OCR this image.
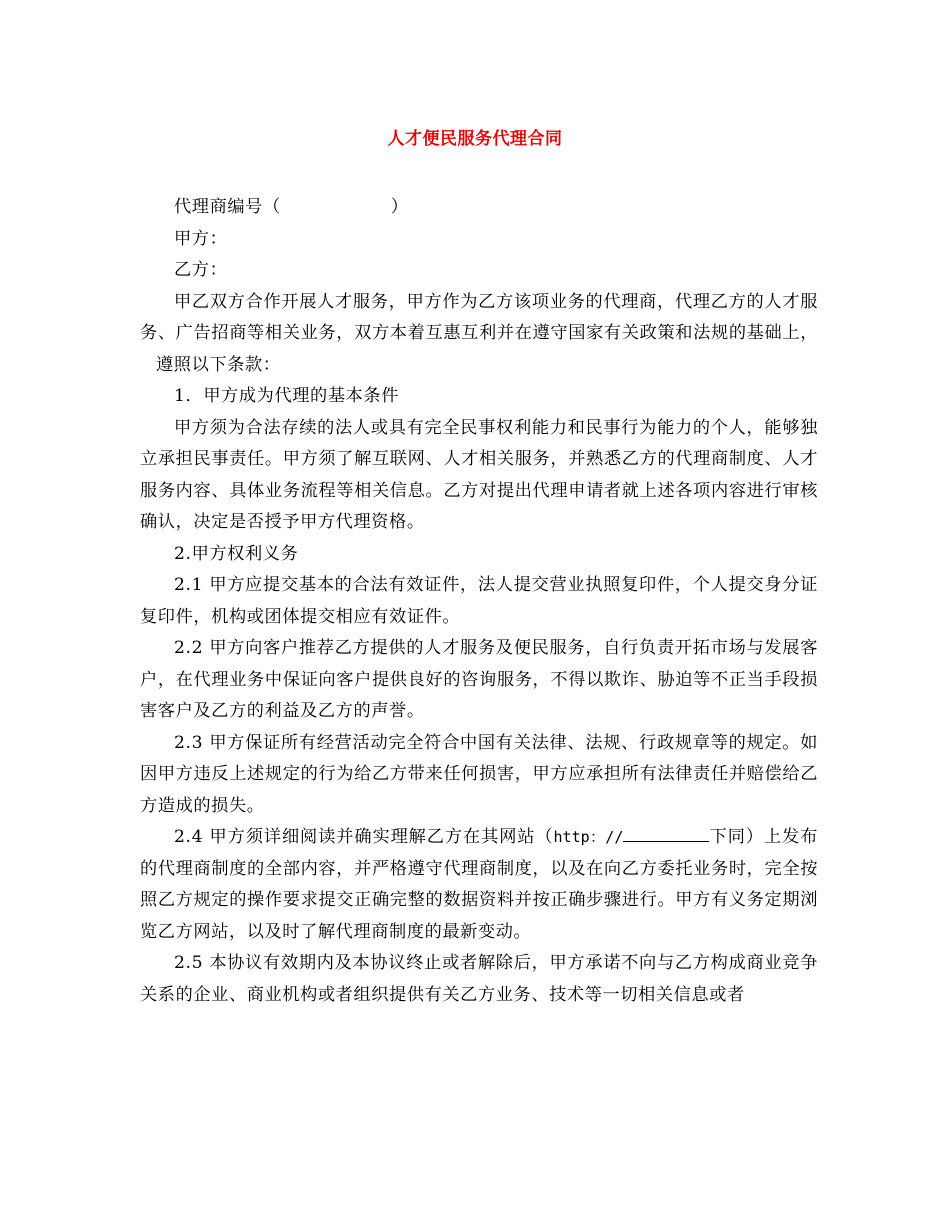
人才便民服务代理合同

代理商编号（	）

甲方：

乙方：

甲乙双方合作开展人才服务，甲方作为乙方该项业务的代理商，代理乙方的人才服务、广告招商等相关业务，双方本着互惠互利并在遵守国家有关政策和法规的基础上，遵照以下条款：

1．甲方成为代理的基本条件

甲方须为合法存续的法人或具有完全民事权利能力和民事行为能力的个人，能够独立承担民事责任。甲方须了解互联网、人才相关服务，并熟悉乙方的代理商制度、人才服务内容、具体业务流程等相关信息。乙方对提出代理申请者就上述各项内容进行审核确认，决定是否授予甲方代理资格。

2.甲方权利义务

2.1 甲方应提交基本的合法有效证件，法人提交营业执照复印件，个人提交身分证复印件，机构或团体提交相应有效证件。

2.2 甲方向客户推荐乙方提供的人才服务及便民服务，自行负责开拓市场与发展客户，在代理业务中保证向客户提供良好的咨询服务，不得以欺诈、胁迫等不正当手段损害客户及乙方的利益及乙方的声誉。

2.3 甲方保证所有经营活动完全符合中国有关法律、法规、行政规章等的规定。如因甲方违反上述规定的行为给乙方带来任何损害，甲方应承担所有法律责任并赔偿给乙方造成的损失。

2.4 甲方须详细阅读并确实理解乙方在其网站（http：//	下同）上发布的代理商制度的全部内容，并严格遵守代理商制度，以及在向乙方委托业务时，完全按照乙方规定的操作要求提交正确完整的数据资料并按正确步骤进行。甲方有义务定期浏览乙方网站，以及时了解代理商制度的最新变动。

2.5 本协议有效期内及本协议终止或者解除后，甲方承诺不向与乙方构成商业竞争关系的企业、商业机构或者组织提供有关乙方业务、技术等一切相关信息或者
